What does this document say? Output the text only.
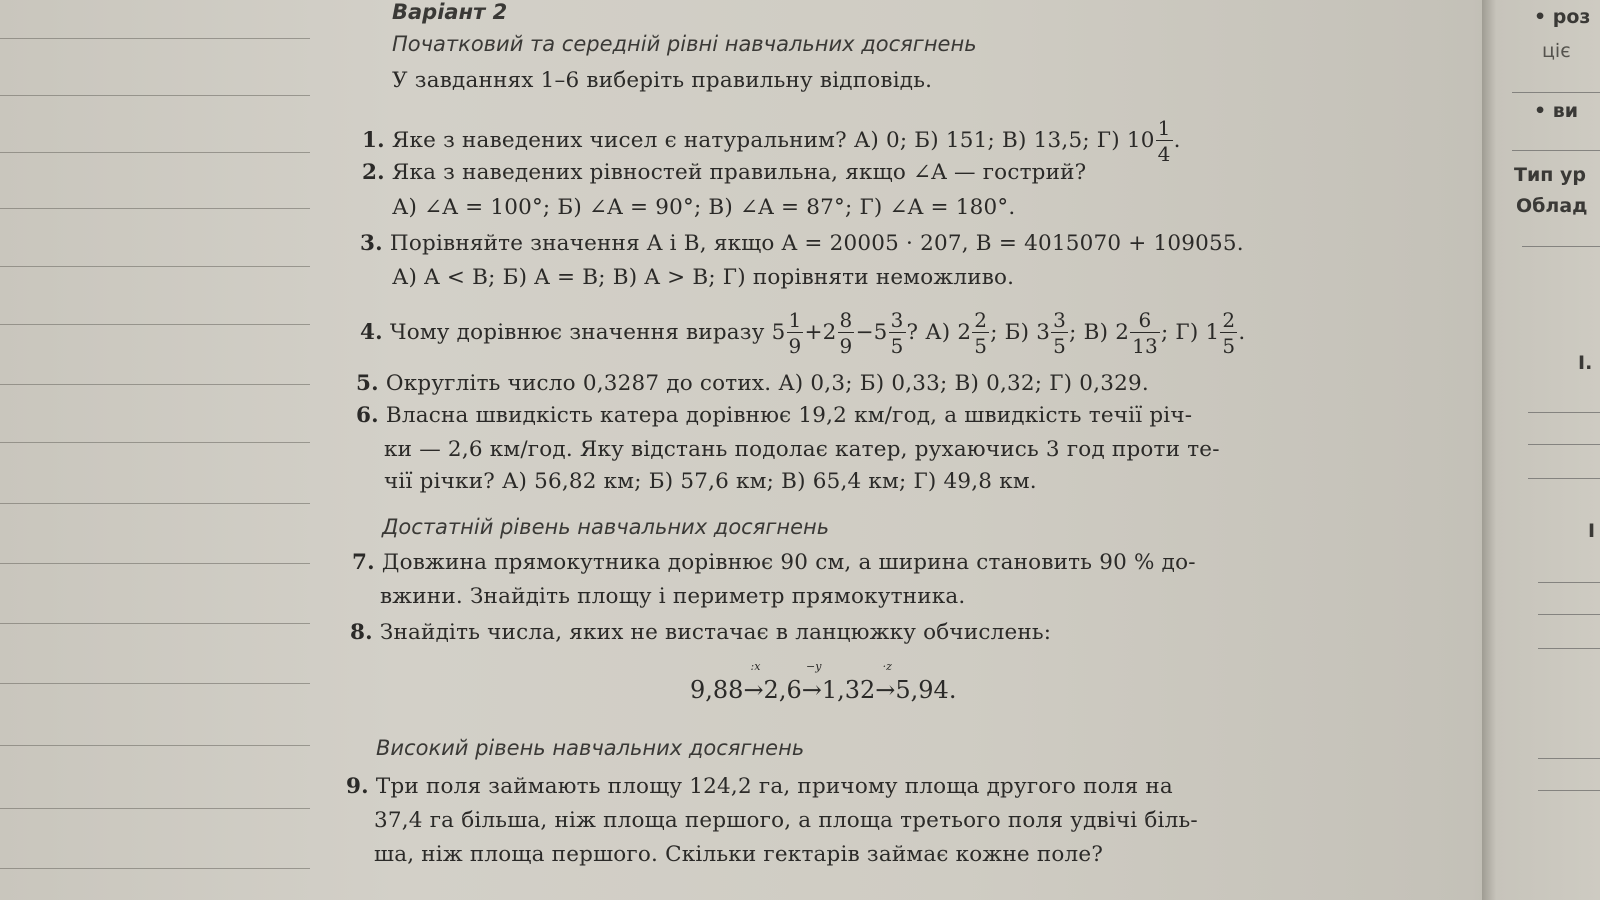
Варіант 2
Початковий та середній рівні навчальних досягнень
У завданнях 1–6 виберіть правильну відповідь.
1. Яке з наведених чисел є натуральним? А) 0; Б) 151; В) 13,5; Г) $10 \frac{1}{4}$ .
2. Яка з наведених рівностей правильна, якщо ∠A — гострий?
А) ∠A = 100°; Б) ∠A = 90°; В) ∠A = 87°; Г) ∠A = 180°.
3. Порівняйте значення A і B, якщо A = 20005 · 207, B = 4015070 + 109055.
А) A < B; Б) A = B; В) A > B; Г) порівняти неможливо.
4. Чому дорівнює значення виразу $5 \frac{1}{9} +2 \frac{8}{9} -5 \frac{3}{5}$ ? А) $2 \frac{2}{5}$ ; Б) $3 \frac{3}{5}$ ; В) $2 \frac{6}{13}$ ; Г) $1 \frac{2}{5}$ .
5. Округліть число 0,3287 до сотих. А) 0,3; Б) 0,33; В) 0,32; Г) 0,329.
6. Власна швидкість катера дорівнює 19,2 км/год, а швидкість течії річ-
ки — 2,6 км/год. Яку відстань подолає катер, рухаючись 3 год проти те-
чії річки? А) 56,82 км; Б) 57,6 км; В) 65,4 км; Г) 49,8 км.
Достатній рівень навчальних досягнень
7. Довжина прямокутника дорівнює 90 см, а ширина становить 90 % до-
вжини. Знайдіть площу і периметр прямокутника.
8. Знайдіть числа, яких не вистачає в ланцюжку обчислень:
9,88
:x
→2,6
−y
→1,32
·z
→5,94.
Високий рівень навчальних досягнень
9. Три поля займають площу 124,2 га, причому площа другого поля на
37,4 га більша, ніж площа першого, а площа третього поля удвічі біль-
ша, ніж площа першого. Скільки гектарів займає кожне поле?
• роз
ціє
• ви
Тип ур
Облад
І.
І
